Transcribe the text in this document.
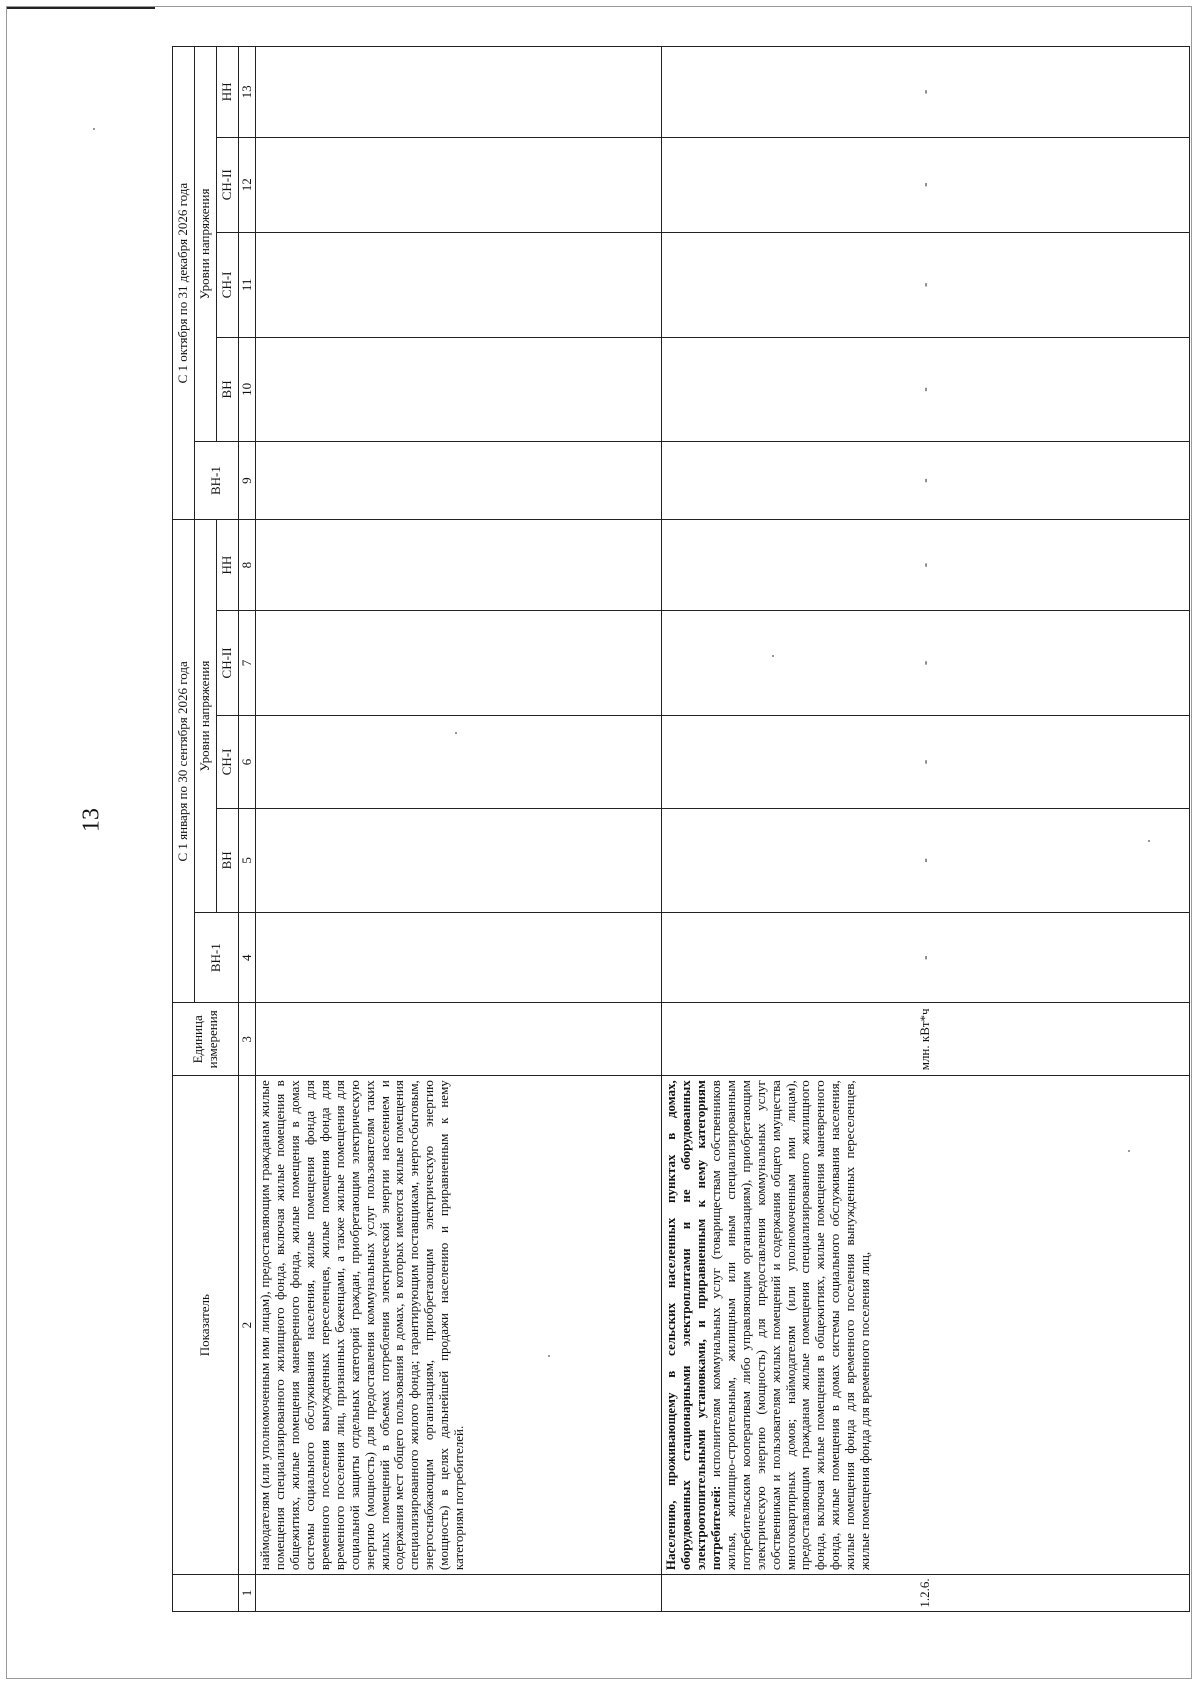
13
	Показатель	Единица измерения	С 1 января по 30 сентября 2026 года					С 1 октября по 31 декабря 2026 года				
			ВН-1	Уровни напряжения				ВН-1	Уровни напряжения			
				ВН	СН-I	СН-II	НН		ВН	СН-I	СН-II	НН
1	2	3	4	5	6	7	8	9	10	11	12	13
	наймодателям (или уполномоченным ими лицам), предоставляющим гражданам жилые помещения специализированного жилищного фонда, включая жилые помещения в общежитиях, жилые помещения маневренного фонда, жилые помещения в домах системы социального обслуживания населения, жилые помещения фонда для временного поселения вынужденных переселенцев, жилые помещения фонда для временного поселения лиц, признанных беженцами, а также жилые помещения для социальной защиты отдельных категорий граждан, приобретающим электрическую энергию (мощность) для предоставления коммунальных услуг пользователям таких жилых помещений в объемах потребления электрической энергии населением и содержания мест общего пользования в домах, в которых имеются жилые помещения специализированного жилого фонда; гарантирующим поставщикам, энергосбытовым, энергоснабжающим организациям, приобретающим электрическую энергию (мощность) в целях дальнейшей продажи населению и приравненным к нему категориям потребителей.											
1.2.6.	Населению, проживающему в сельских населенных пунктах в домах, оборудованных стационарными электроплитами и не оборудованных электроотопительными установками, и приравненным к нему категориям потребителей: исполнителям коммунальных услуг (товариществам собственников жилья, жилищно-строительным, жилищным или иным специализированным потребительским кооперативам либо управляющим организациям), приобретающим электрическую энергию (мощность) для предоставления коммунальных услуг собственникам и пользователям жилых помещений и содержания общего имущества многоквартирных домов; наймодателям (или уполномоченным ими лицам), предоставляющим гражданам жилые помещения специализированного жилищного фонда, включая жилые помещения в общежитиях, жилые помещения маневренного фонда, жилые помещения в домах системы социального обслуживания населения, жилые помещения фонда для временного поселения вынужденных переселенцев, жилые помещения фонда для временного поселения лиц,	млн. кВт*ч	-	-	-	-	-	-	-	-	-	-
